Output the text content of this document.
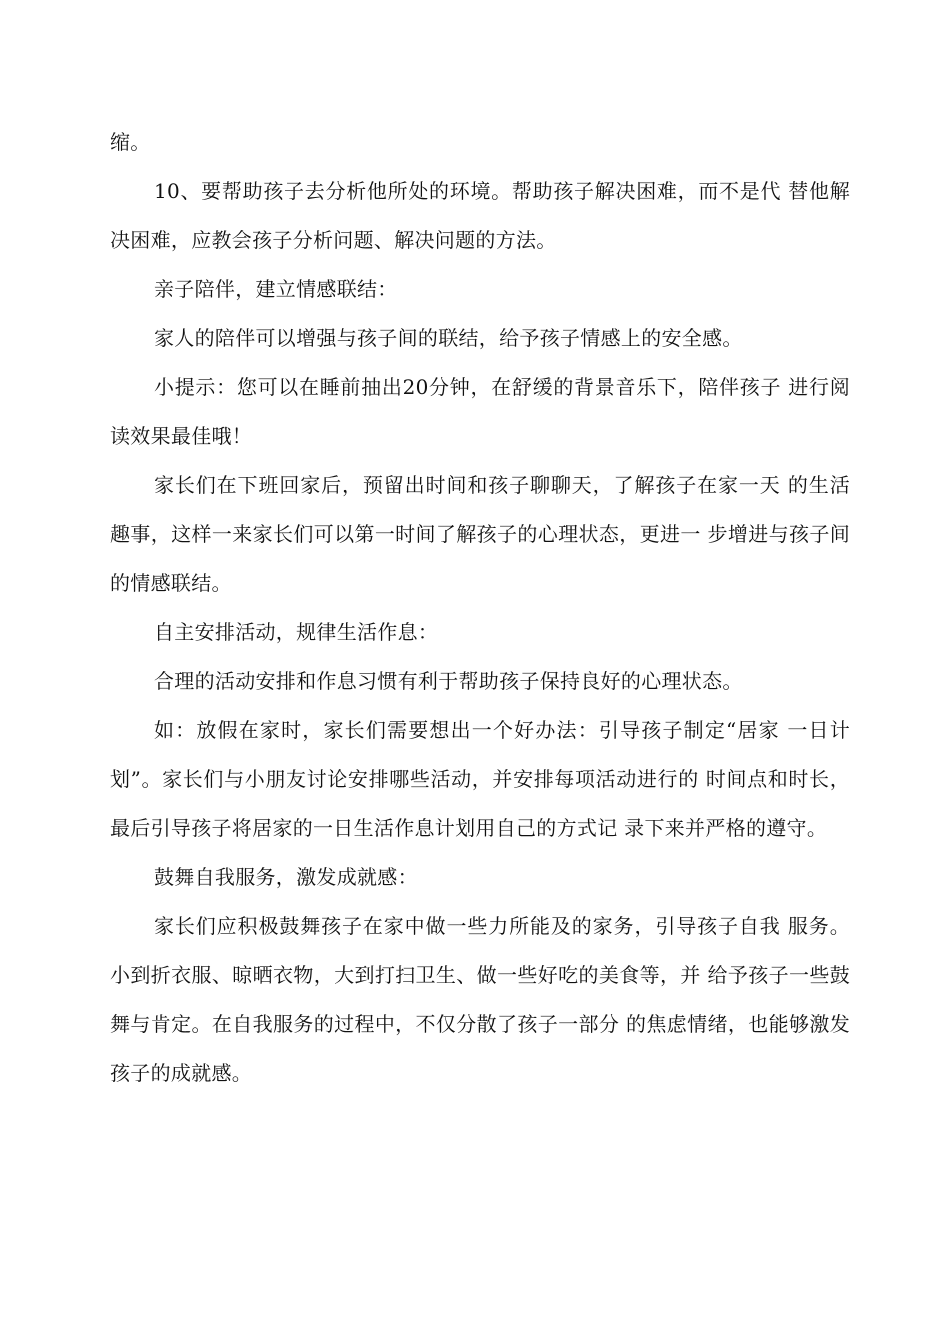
缩。

10、要帮助孩子去分析他所处的环境。帮助孩子解决困难，而不是代 替他解决困难，应教会孩子分析问题、解决问题的方法。

亲子陪伴，建立情感联结：

家人的陪伴可以增强与孩子间的联结，给予孩子情感上的安全感。

小提示：您可以在睡前抽出20分钟，在舒缓的背景音乐下，陪伴孩子 进行阅读效果最佳哦！

家长们在下班回家后，预留出时间和孩子聊聊天，了解孩子在家一天 的生活趣事，这样一来家长们可以第一时间了解孩子的心理状态，更进一 步增进与孩子间的情感联结。

自主安排活动，规律生活作息：

合理的活动安排和作息习惯有利于帮助孩子保持良好的心理状态。

如：放假在家时，家长们需要想出一个好办法：引导孩子制定“居家 一日计划”。家长们与小朋友讨论安排哪些活动，并安排每项活动进行的 时间点和时长，最后引导孩子将居家的一日生活作息计划用自己的方式记 录下来并严格的遵守。

鼓舞自我服务，激发成就感：

家长们应积极鼓舞孩子在家中做一些力所能及的家务，引导孩子自我 服务。小到折衣服、晾晒衣物，大到打扫卫生、做一些好吃的美食等，并 给予孩子一些鼓舞与肯定。在自我服务的过程中，不仅分散了孩子一部分 的焦虑情绪，也能够激发孩子的成就感。
